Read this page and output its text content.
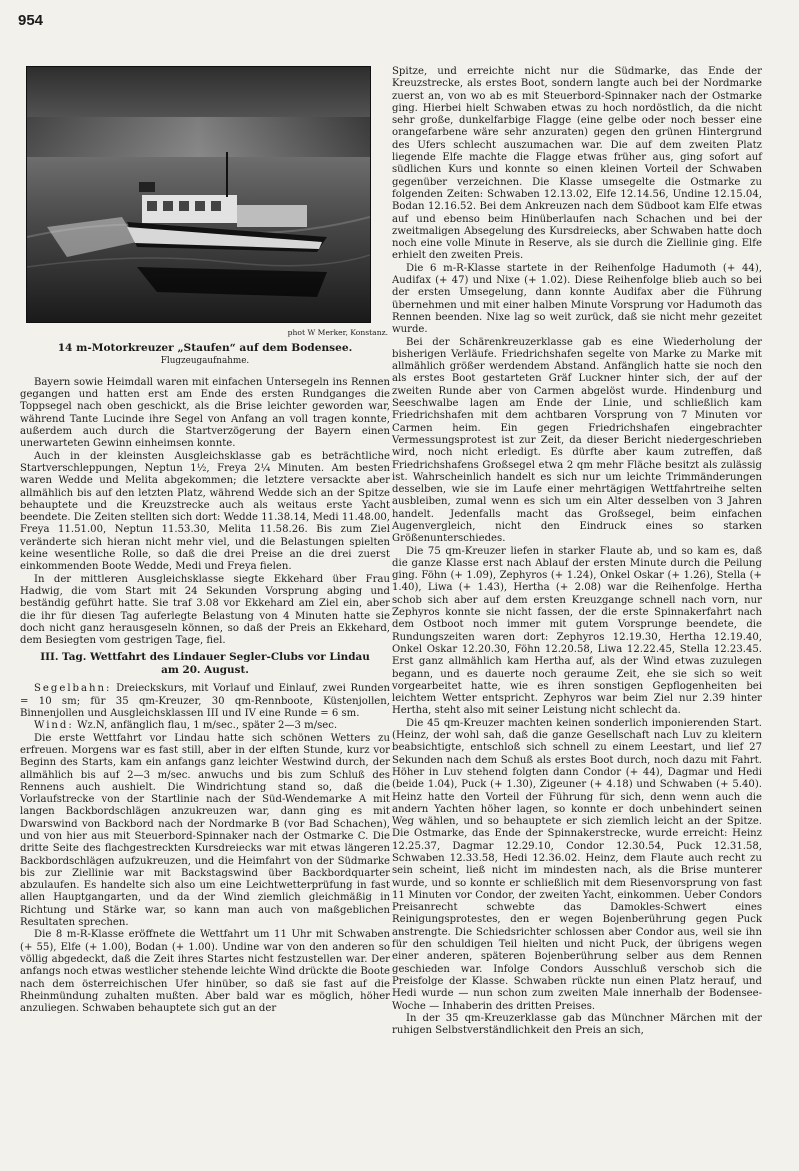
954
phot W Merker, Konstanz.
14 m-Motorkreuzer „Staufen“ auf dem Bodensee.
Flugzeugaufnahme.

Bayern sowie Heimdall waren mit einfachen Untersegeln ins Rennen gegangen und hatten erst am Ende des ersten Rundganges die Toppsegel nach oben geschickt, als die Brise leichter geworden war, während Tante Lucinde ihre Segel von Anfang an voll tragen konnte, außerdem auch durch die Startverzögerung der Bayern einen unerwarteten Gewinn einheimsen konnte.

Auch in der kleinsten Ausgleichsklasse gab es beträchtliche Startverschleppungen, Neptun 1½, Freya 2¼ Minuten. Am besten waren Wedde und Melita abgekommen; die letztere versackte aber allmählich bis auf den letzten Platz, während Wedde sich an der Spitze behauptete und die Kreuzstrecke auch als weitaus erste Yacht beendete. Die Zeiten stellten sich dort: Wedde 11.38.14, Medi 11.48.00, Freya 11.51.00, Neptun 11.53.30, Melita 11.58.26. Bis zum Ziel veränderte sich hieran nicht mehr viel, und die Belastungen spielten keine wesentliche Rolle, so daß die drei Preise an die drei zuerst einkommenden Boote Wedde, Medi und Freya fielen.

In der mittleren Ausgleichsklasse siegte Ekkehard über Frau Hadwig, die vom Start mit 24 Sekunden Vorsprung abging und beständig geführt hatte. Sie traf 3.08 vor Ekkehard am Ziel ein, aber die ihr für diesen Tag auferlegte Belastung von 4 Minuten hatte sie doch nicht ganz herausgeseln können, so daß der Preis an Ekkehard, dem Besiegten vom gestrigen Tage, fiel.

III. Tag. Wettfahrt des Lindauer Segler-Clubs vor Lindau
am 20. August.

Segelbahn: Dreieckskurs, mit Vorlauf und Einlauf, zwei Runden = 10 sm; für 35 qm-Kreuzer, 30 qm-Rennboote, Küstenjollen, Binnenjollen und Ausgleichsklassen III und IV eine Runde = 6 sm.

Wind: Wz.N, anfänglich flau, 1 m/sec., später 2—3 m/sec.

Die erste Wettfahrt vor Lindau hatte sich schönen Wetters zu erfreuen. Morgens war es fast still, aber in der elften Stunde, kurz vor Beginn des Starts, kam ein anfangs ganz leichter Westwind durch, der allmählich bis auf 2—3 m/sec. anwuchs und bis zum Schluß des Rennens auch aushielt. Die Windrichtung stand so, daß die Vorlaufstrecke von der Startlinie nach der Süd-Wendemarke A mit langen Backbordschlägen anzukreuzen war, dann ging es mit Dwarswind von Backbord nach der Nordmarke B (vor Bad Schachen), und von hier aus mit Steuerbord-Spinnaker nach der Ostmarke C. Die dritte Seite des flachgestreckten Kursdreiecks war mit etwas längeren Backbordschlägen aufzukreuzen, und die Heimfahrt von der Südmarke bis zur Ziellinie war mit Backstagswind über Backbordquarter abzulaufen. Es handelte sich also um eine Leichtwetterprüfung in fast allen Hauptgangarten, und da der Wind ziemlich gleichmäßig in Richtung und Stärke war, so kann man auch von maßgeblichen Resultaten sprechen.

Die 8 m-R-Klasse eröffnete die Wettfahrt um 11 Uhr mit Schwaben (+ 55), Elfe (+ 1.00), Bodan (+ 1.00). Undine war von den anderen so völlig abgedeckt, daß die Zeit ihres Startes nicht festzustellen war. Der anfangs noch etwas westlicher stehende leichte Wind drückte die Boote nach dem österreichischen Ufer hinüber, so daß sie fast auf die Rheinmündung zuhalten mußten. Aber bald war es möglich, höher anzuliegen. Schwaben behauptete sich gut an der

Spitze, und erreichte nicht nur die Südmarke, das Ende der Kreuzstrecke, als erstes Boot, sondern langte auch bei der Nordmarke zuerst an, von wo ab es mit Steuerbord-Spinnaker nach der Ostmarke ging. Hierbei hielt Schwaben etwas zu hoch nordöstlich, da die nicht sehr große, dunkelfarbige Flagge (eine gelbe oder noch besser eine orangefarbene wäre sehr anzuraten) gegen den grünen Hintergrund des Ufers schlecht auszumachen war. Die auf dem zweiten Platz liegende Elfe machte die Flagge etwas früher aus, ging sofort auf südlichen Kurs und konnte so einen kleinen Vorteil der Schwaben gegenüber verzeichnen. Die Klasse umsegelte die Ostmarke zu folgenden Zeiten: Schwaben 12.13.02, Elfe 12.14.56, Undine 12.15.04, Bodan 12.16.52. Bei dem Ankreuzen nach dem Südboot kam Elfe etwas auf und ebenso beim Hinüberlaufen nach Schachen und bei der zweitmaligen Absegelung des Kursdreiecks, aber Schwaben hatte doch noch eine volle Minute in Reserve, als sie durch die Ziellinie ging. Elfe erhielt den zweiten Preis.

Die 6 m-R-Klasse startete in der Reihenfolge Hadumoth (+ 44), Audifax (+ 47) und Nixe (+ 1.02). Diese Reihenfolge blieb auch so bei der ersten Umsegelung, dann konnte Audifax aber die Führung übernehmen und mit einer halben Minute Vorsprung vor Hadumoth das Rennen beenden. Nixe lag so weit zurück, daß sie nicht mehr gezeitet wurde.

Bei der Schärenkreuzerklasse gab es eine Wiederholung der bisherigen Verläufe. Friedrichshafen segelte von Marke zu Marke mit allmählich größer werdendem Abstand. Anfänglich hatte sie noch den als erstes Boot gestarteten Gräf Luckner hinter sich, der auf der zweiten Runde aber von Carmen abgelöst wurde. Hindenburg und Seeschwalbe lagen am Ende der Linie, und schließlich kam Friedrichshafen mit dem achtbaren Vorsprung von 7 Minuten vor Carmen heim. Ein gegen Friedrichshafen eingebrachter Vermessungsprotest ist zur Zeit, da dieser Bericht niedergeschrieben wird, noch nicht erledigt. Es dürfte aber kaum zutreffen, daß Friedrichshafens Großsegel etwa 2 qm mehr Fläche besitzt als zulässig ist. Wahrscheinlich handelt es sich nur um leichte Trimmänderungen desselben, wie sie im Laufe einer mehrtägigen Wettfahrtreihe selten ausbleiben, zumal wenn es sich um ein Alter desselben von 3 Jahren handelt. Jedenfalls macht das Großsegel, beim einfachen Augenvergleich, nicht den Eindruck eines so starken Größenunterschiedes.

Die 75 qm-Kreuzer liefen in starker Flaute ab, und so kam es, daß die ganze Klasse erst nach Ablauf der ersten Minute durch die Peilung ging. Föhn (+ 1.09), Zephyros (+ 1.24), Onkel Oskar (+ 1.26), Stella (+ 1.40), Liwa (+ 1.43), Hertha (+ 2.08) war die Reihenfolge. Hertha schob sich aber auf dem ersten Kreuzgange schnell nach vorn, nur Zephyros konnte sie nicht fassen, der die erste Spinnakerfahrt nach dem Ostboot noch immer mit gutem Vorsprunge beendete, die Rundungszeiten waren dort: Zephyros 12.19.30, Hertha 12.19.40, Onkel Oskar 12.20.30, Föhn 12.20.58, Liwa 12.22.45, Stella 12.23.45. Erst ganz allmählich kam Hertha auf, als der Wind etwas zuzulegen begann, und es dauerte noch geraume Zeit, ehe sie sich so weit vorgearbeitet hatte, wie es ihren sonstigen Gepflogenheiten bei leichtem Wetter entspricht. Zephyros war beim Ziel nur 2.39 hinter Hertha, steht also mit seiner Leistung nicht schlecht da.

Die 45 qm-Kreuzer machten keinen sonderlich imponierenden Start. (Heinz, der wohl sah, daß die ganze Gesellschaft nach Luv zu kleitern beabsichtigte, entschloß sich schnell zu einem Leestart, und lief 27 Sekunden nach dem Schuß als erstes Boot durch, noch dazu mit Fahrt. Höher in Luv stehend folgten dann Condor (+ 44), Dagmar und Hedi (beide 1.04), Puck (+ 1.30), Zigeuner (+ 4.18) und Schwaben (+ 5.40). Heinz hatte den Vorteil der Führung für sich, denn wenn auch die andern Yachten höher lagen, so konnte er doch unbehindert seinen Weg wählen, und so behauptete er sich ziemlich leicht an der Spitze. Die Ostmarke, das Ende der Spinnakerstrecke, wurde erreicht: Heinz 12.25.37, Dagmar 12.29.10, Condor 12.30.54, Puck 12.31.58, Schwaben 12.33.58, Hedi 12.36.02. Heinz, dem Flaute auch recht zu sein scheint, ließ nicht im mindesten nach, als die Brise munterer wurde, und so konnte er schließlich mit dem Riesenvorsprung von fast 11 Minuten vor Condor, der zweiten Yacht, einkommen. Ueber Condors Preisanrecht schwebte das Damokles-Schwert eines Reinigungsprotestes, den er wegen Bojenberührung gegen Puck anstrengte. Die Schiedsrichter schlossen aber Condor aus, weil sie ihn für den schuldigen Teil hielten und nicht Puck, der übrigens wegen einer anderen, späteren Bojenberührung selber aus dem Rennen geschieden war. Infolge Condors Ausschluß verschob sich die Preisfolge der Klasse. Schwaben rückte nun einen Platz herauf, und Hedi wurde — nun schon zum zweiten Male innerhalb der Bodensee-Woche — Inhaberin des dritten Preises.

In der 35 qm-Kreuzerklasse gab das Münchner Märchen mit der ruhigen Selbstverständlichkeit den Preis an sich,
